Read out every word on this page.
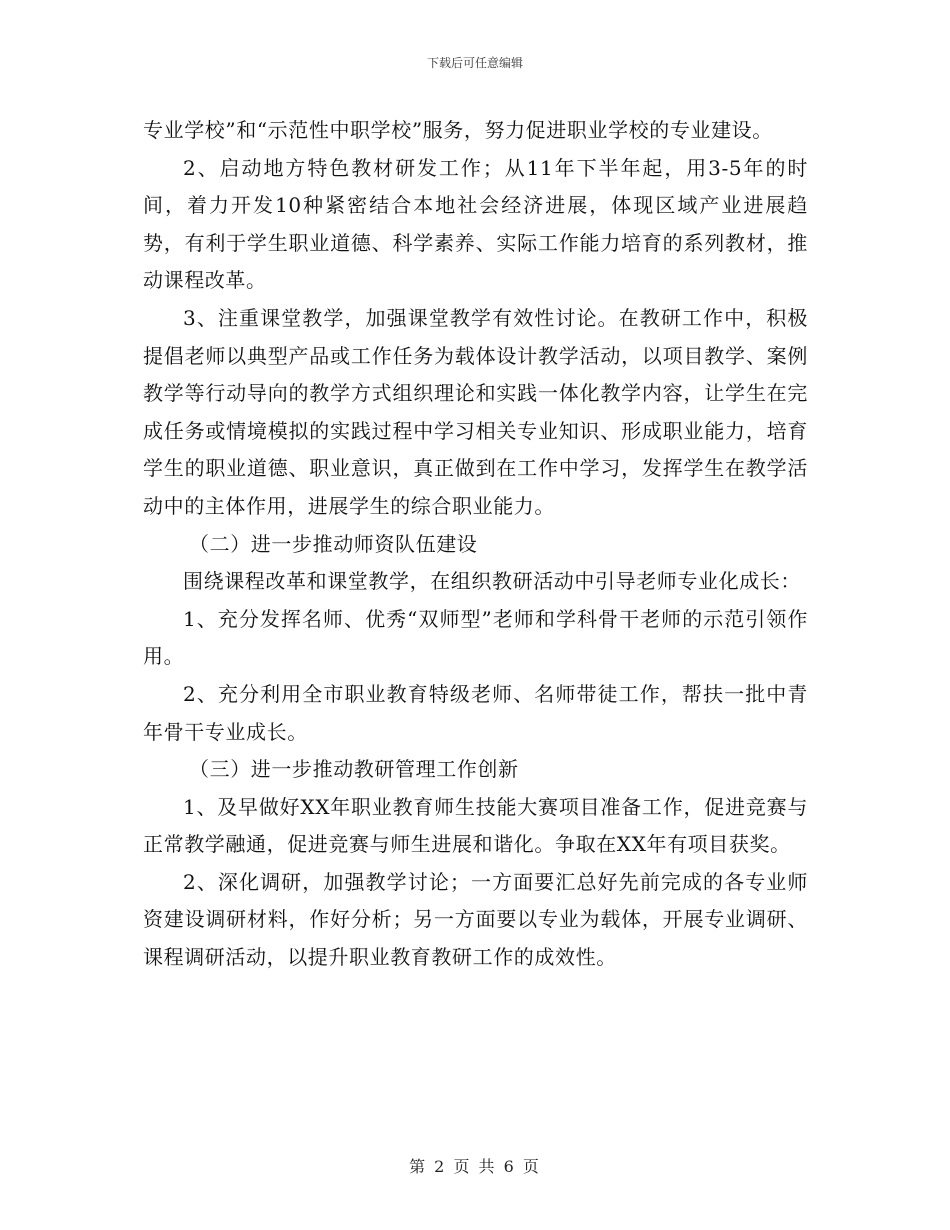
下载后可任意编辑

专业学校”和“示范性中职学校”服务，努力促进职业学校的专业建设。

2、启动地方特色教材研发工作；从11年下半年起，用3-5年的时间，着力开发10种紧密结合本地社会经济进展，体现区域产业进展趋势，有利于学生职业道德、科学素养、实际工作能力培育的系列教材，推动课程改革。

3、注重课堂教学，加强课堂教学有效性讨论。在教研工作中，积极提倡老师以典型产品或工作任务为载体设计教学活动，以项目教学、案例教学等行动导向的教学方式组织理论和实践一体化教学内容，让学生在完成任务或情境模拟的实践过程中学习相关专业知识、形成职业能力，培育学生的职业道德、职业意识，真正做到在工作中学习，发挥学生在教学活动中的主体作用，进展学生的综合职业能力。

（二）进一步推动师资队伍建设

围绕课程改革和课堂教学，在组织教研活动中引导老师专业化成长：

1、充分发挥名师、优秀“双师型”老师和学科骨干老师的示范引领作用。

2、充分利用全市职业教育特级老师、名师带徒工作，帮扶一批中青年骨干专业成长。

（三）进一步推动教研管理工作创新

1、及早做好XX年职业教育师生技能大赛项目准备工作，促进竞赛与正常教学融通，促进竞赛与师生进展和谐化。争取在XX年有项目获奖。

2、深化调研，加强教学讨论；一方面要汇总好先前完成的各专业师资建设调研材料，作好分析；另一方面要以专业为载体，开展专业调研、课程调研活动，以提升职业教育教研工作的成效性。

第 2 页 共 6 页
